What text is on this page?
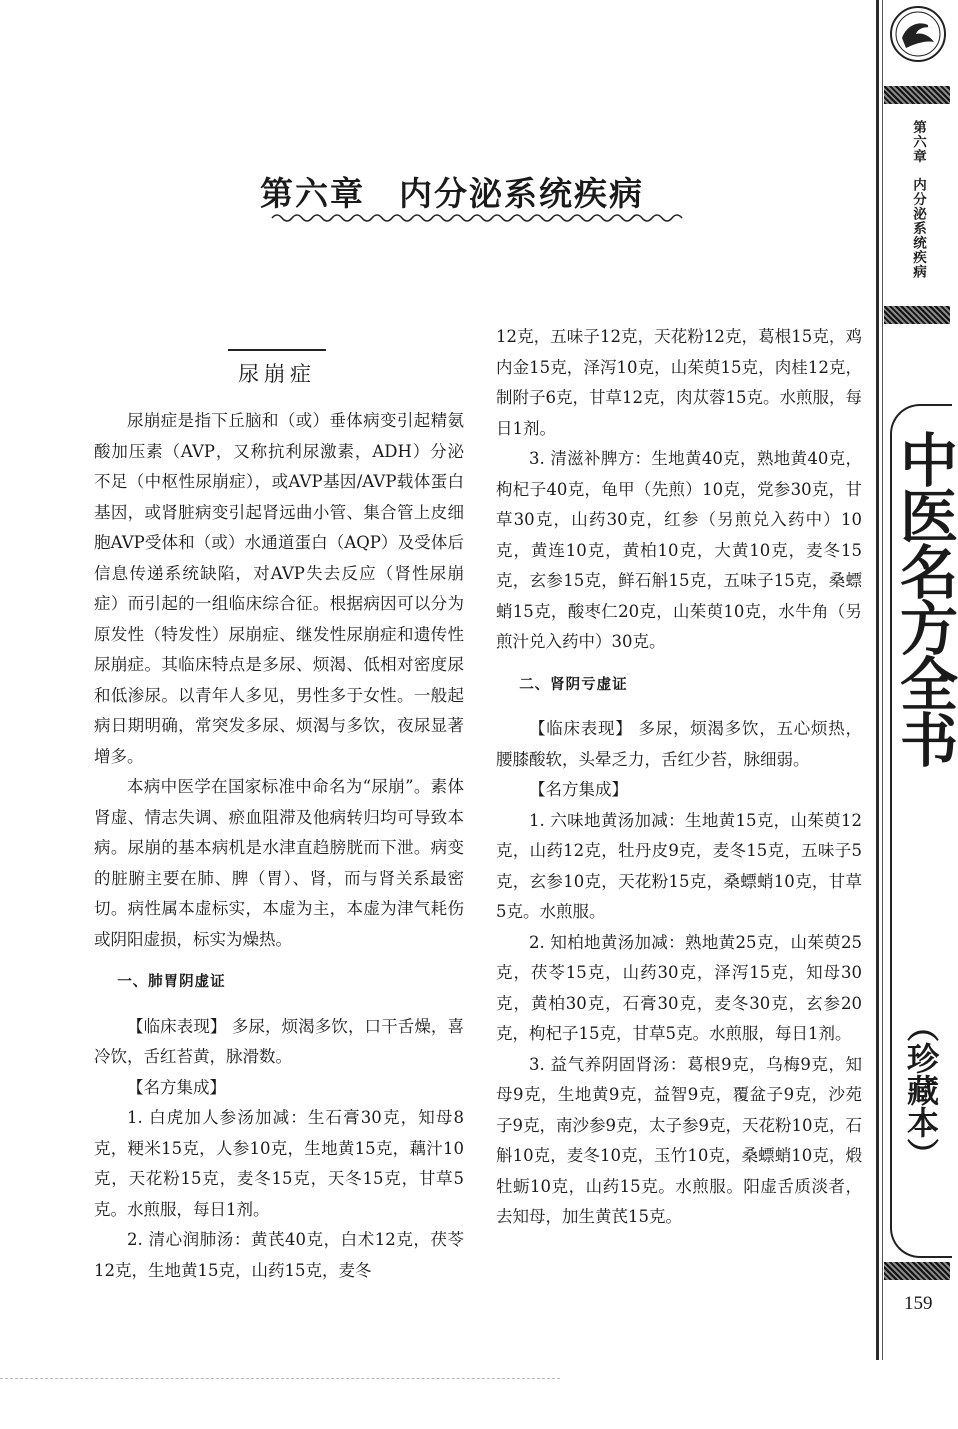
第六章 内分泌系统疾病
尿崩症

尿崩症是指下丘脑和（或）垂体病变引起精氨酸加压素（AVP，又称抗利尿激素，ADH）分泌不足（中枢性尿崩症），或AVP基因/AVP载体蛋白基因，或肾脏病变引起肾远曲小管、集合管上皮细胞AVP受体和（或）水通道蛋白（AQP）及受体后信息传递系统缺陷，对AVP失去反应（肾性尿崩症）而引起的一组临床综合征。根据病因可以分为原发性（特发性）尿崩症、继发性尿崩症和遗传性尿崩症。其临床特点是多尿、烦渴、低相对密度尿和低渗尿。以青年人多见，男性多于女性。一般起病日期明确，常突发多尿、烦渴与多饮，夜尿显著增多。

本病中医学在国家标准中命名为“尿崩”。素体肾虚、情志失调、瘀血阻滞及他病转归均可导致本病。尿崩的基本病机是水津直趋膀胱而下泄。病变的脏腑主要在肺、脾（胃）、肾，而与肾关系最密切。病性属本虚标实，本虚为主，本虚为津气耗伤或阴阳虚损，标实为燥热。

一、肺胃阴虚证

【临床表现】 多尿，烦渴多饮，口干舌燥，喜冷饮，舌红苔黄，脉滑数。

【名方集成】

1. 白虎加人参汤加减：生石膏30克，知母8克，粳米15克，人参10克，生地黄15克，藕汁10克，天花粉15克，麦冬15克，天冬15克，甘草5克。水煎服，每日1剂。

2. 清心润肺汤：黄芪40克，白术12克，茯苓12克，生地黄15克，山药15克，麦冬

12克，五味子12克，天花粉12克，葛根15克，鸡内金15克，泽泻10克，山茱萸15克，肉桂12克，制附子6克，甘草12克，肉苁蓉15克。水煎服，每日1剂。

3. 清滋补脾方：生地黄40克，熟地黄40克，枸杞子40克，龟甲（先煎）10克，党参30克，甘草30克，山药30克，红参（另煎兑入药中）10克，黄连10克，黄柏10克，大黄10克，麦冬15克，玄参15克，鲜石斛15克，五味子15克，桑螵蛸15克，酸枣仁20克，山茱萸10克，水牛角（另煎汁兑入药中）30克。

二、肾阴亏虚证

【临床表现】 多尿，烦渴多饮，五心烦热，腰膝酸软，头晕乏力，舌红少苔，脉细弱。

【名方集成】

1. 六味地黄汤加减：生地黄15克，山茱萸12克，山药12克，牡丹皮9克，麦冬15克，五味子5克，玄参10克，天花粉15克，桑螵蛸10克，甘草5克。水煎服。

2. 知柏地黄汤加减：熟地黄25克，山茱萸25克，茯苓15克，山药30克，泽泻15克，知母30克，黄柏30克，石膏30克，麦冬30克，玄参20克，枸杞子15克，甘草5克。水煎服，每日1剂。

3. 益气养阴固肾汤：葛根9克，乌梅9克，知母9克，生地黄9克，益智9克，覆盆子9克，沙苑子9克，南沙参9克，太子参9克，天花粉10克，石斛10克，麦冬10克，玉竹10克，桑螵蛸10克，煅牡蛎10克，山药15克。水煎服。阳虚舌质淡者，去知母，加生黄芪15克。

第六章内分泌系统疾病
中医名方全书
（珍藏本）
159
